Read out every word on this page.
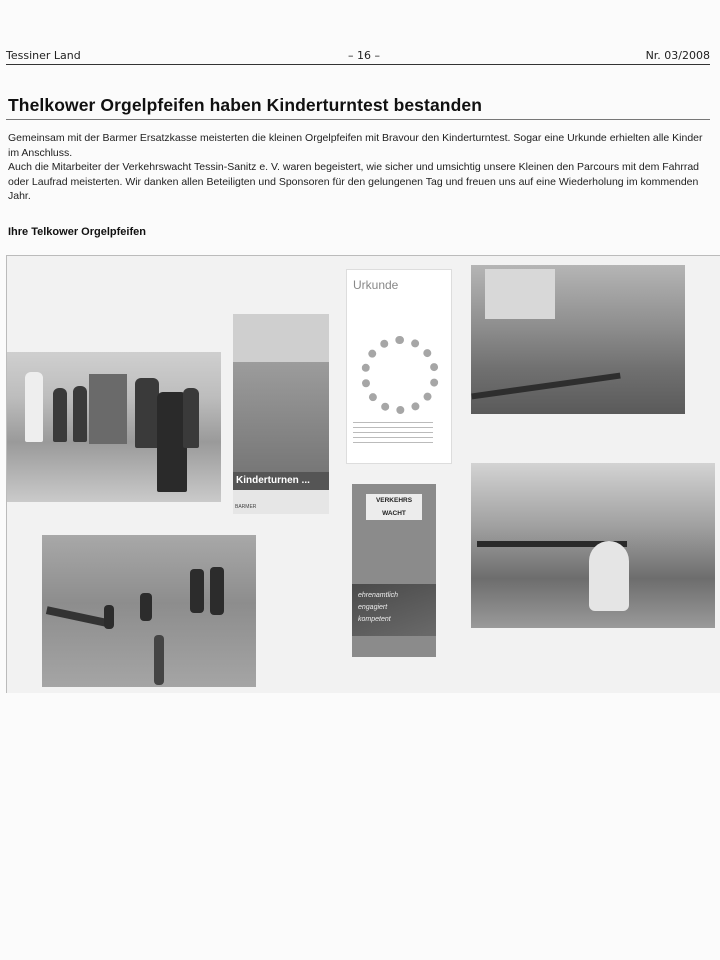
Tessiner Land	– 16 –	Nr. 03/2008
Thelkower Orgelpfeifen haben Kinderturntest bestanden

Gemeinsam mit der Barmer Ersatzkasse meisterten die kleinen Orgelpfeifen mit Bravour den Kinderturntest. Sogar eine Urkunde erhielten alle Kinder im Anschluss.

Auch die Mitarbeiter der Verkehrswacht Tessin-Sanitz e. V. waren begeistert, wie sicher und umsichtig unsere Kleinen den Parcours mit dem Fahrrad oder Laufrad meisterten. Wir danken allen Beteiligten und Sponsoren für den gelungenen Tag und freuen uns auf eine Wiederholung im kommenden Jahr.

Ihre Telkower Orgelpfeifen
Kinderturnen ...
BARMER
Urkunde
VERKEHRS WACHT
ehrenamtlich
engagiert
kompetent
